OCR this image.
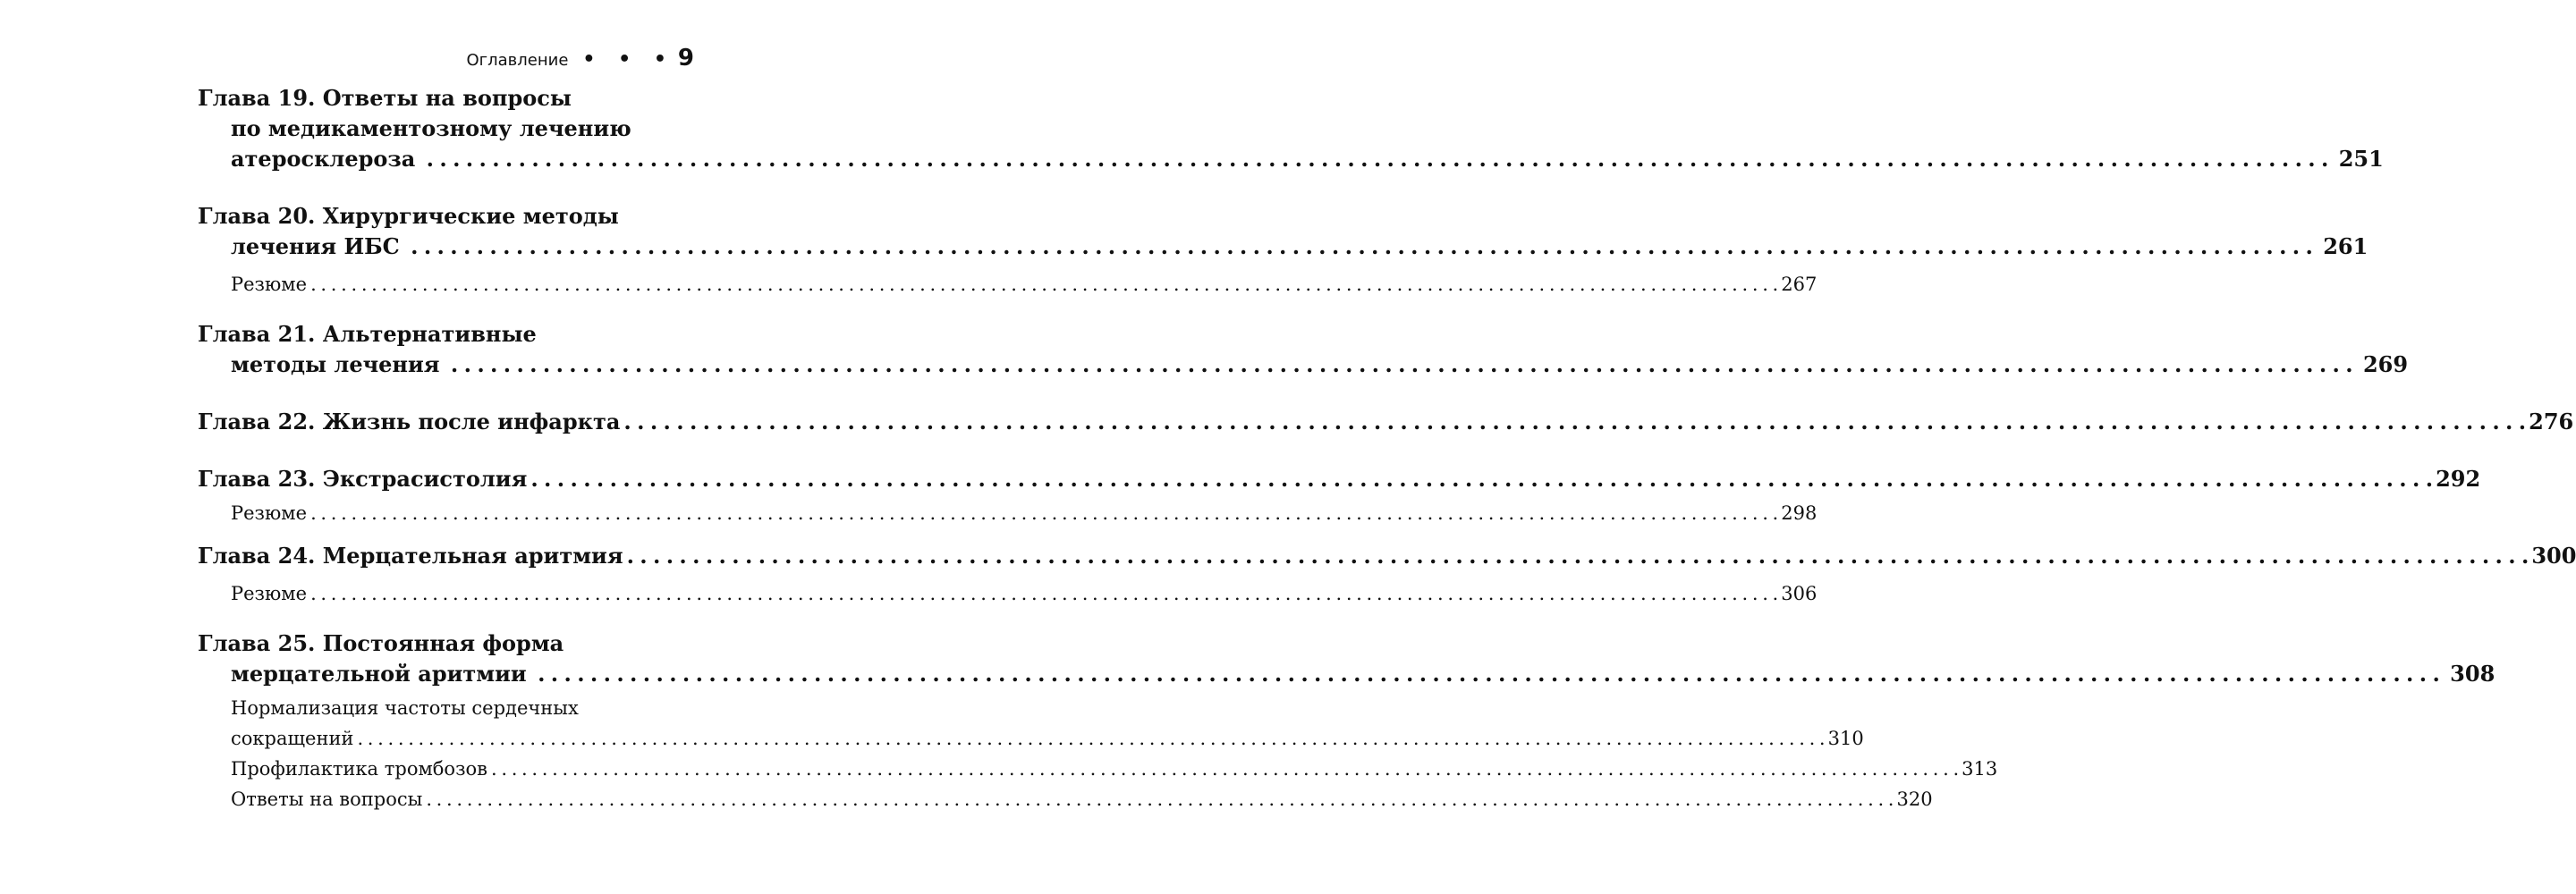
Оглавление • • • 9
Глава 19. Ответы на вопросы
по медикаментозному лечению
атеросклероза . . .	251
Глава 20. Хирургические методы
лечения ИБС . . .	261
Резюме . . .	267
Глава 21. Альтернативные
методы лечения . . .	269
Глава 22. Жизнь после инфаркта . . .	276
Глава 23. Экстрасистолия . . .	292
Резюме . . .	298
Глава 24. Мерцательная аритмия . . .	300
Резюме . . .	306
Глава 25. Постоянная форма
мерцательной аритмии . . .	308
Нормализация частоты сердечных
сокращений . . .	310
Профилактика тромбозов . . .	313
Ответы на вопросы . . .	320
